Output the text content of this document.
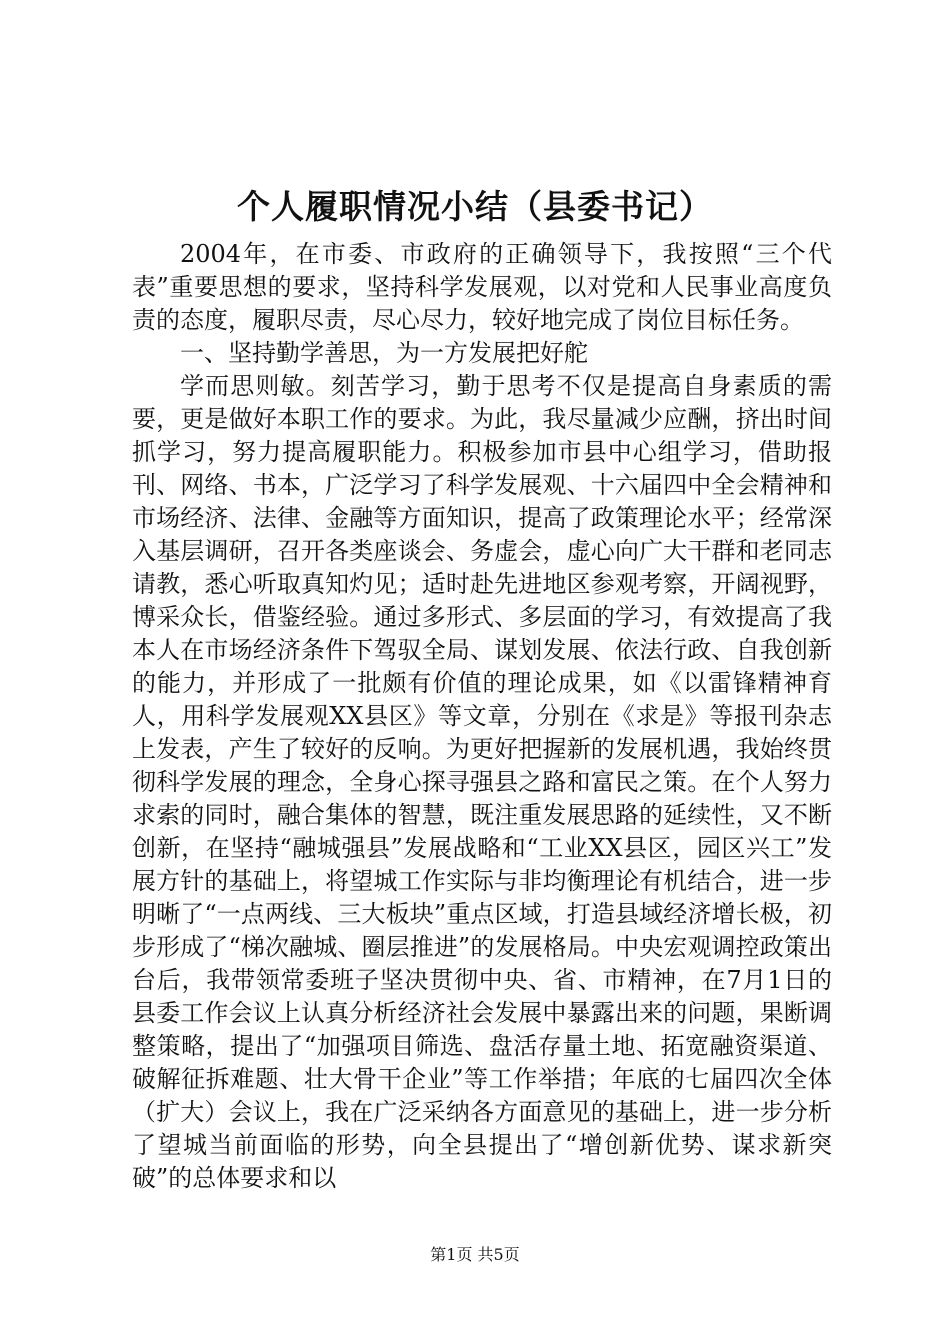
个人履职情况小结（县委书记）

2004年，在市委、市政府的正确领导下，我按照“三个代表”重要思想的要求，坚持科学发展观，以对党和人民事业高度负责的态度，履职尽责，尽心尽力，较好地完成了岗位目标任务。

一、坚持勤学善思，为一方发展把好舵

学而思则敏。刻苦学习，勤于思考不仅是提高自身素质的需要，更是做好本职工作的要求。为此，我尽量减少应酬，挤出时间抓学习，努力提高履职能力。积极参加市县中心组学习，借助报刊、网络、书本，广泛学习了科学发展观、十六届四中全会精神和市场经济、法律、金融等方面知识，提高了政策理论水平；经常深入基层调研，召开各类座谈会、务虚会，虚心向广大干群和老同志请教，悉心听取真知灼见；适时赴先进地区参观考察，开阔视野，博采众长，借鉴经验。通过多形式、多层面的学习，有效提高了我本人在市场经济条件下驾驭全局、谋划发展、依法行政、自我创新的能力，并形成了一批颇有价值的理论成果，如《以雷锋精神育人，用科学发展观XX县区》等文章，分别在《求是》等报刊杂志上发表，产生了较好的反响。为更好把握新的发展机遇，我始终贯彻科学发展的理念，全身心探寻强县之路和富民之策。在个人努力求索的同时，融合集体的智慧，既注重发展思路的延续性，又不断创新，在坚持“融城强县”发展战略和“工业XX县区，园区兴工”发展方针的基础上，将望城工作实际与非均衡理论有机结合，进一步明晰了“一点两线、三大板块”重点区域，打造县域经济增长极，初步形成了“梯次融城、圈层推进”的发展格局。中央宏观调控政策出台后，我带领常委班子坚决贯彻中央、省、市精神，在7月1日的县委工作会议上认真分析经济社会发展中暴露出来的问题，果断调整策略，提出了“加强项目筛选、盘活存量土地、拓宽融资渠道、破解征拆难题、壮大骨干企业”等工作举措；年底的七届四次全体（扩大）会议上，我在广泛采纳各方面意见的基础上，进一步分析了望城当前面临的形势，向全县提出了“增创新优势、谋求新突破”的总体要求和以

第1页 共5页
